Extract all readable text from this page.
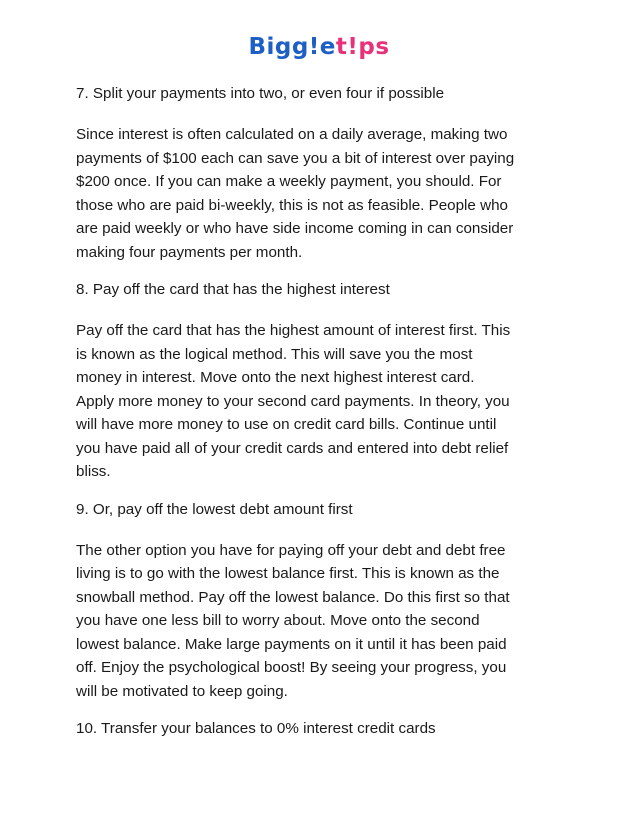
Bigg!et!ps
7. Split your payments into two, or even four if possible
Since interest is often calculated on a daily average, making two
payments of $100 each can save you a bit of interest over paying
$200 once. If you can make a weekly payment, you should. For
those who are paid bi-weekly, this is not as feasible. People who
are paid weekly or who have side income coming in can consider
making four payments per month.
8. Pay off the card that has the highest interest
Pay off the card that has the highest amount of interest first. This
is known as the logical method. This will save you the most
money in interest. Move onto the next highest interest card.
Apply more money to your second card payments. In theory, you
will have more money to use on credit card bills. Continue until
you have paid all of your credit cards and entered into debt relief
bliss.
9. Or, pay off the lowest debt amount first
The other option you have for paying off your debt and debt free
living is to go with the lowest balance first. This is known as the
snowball method. Pay off the lowest balance. Do this first so that
you have one less bill to worry about. Move onto the second
lowest balance. Make large payments on it until it has been paid
off. Enjoy the psychological boost! By seeing your progress, you
will be motivated to keep going.
10. Transfer your balances to 0% interest credit cards
